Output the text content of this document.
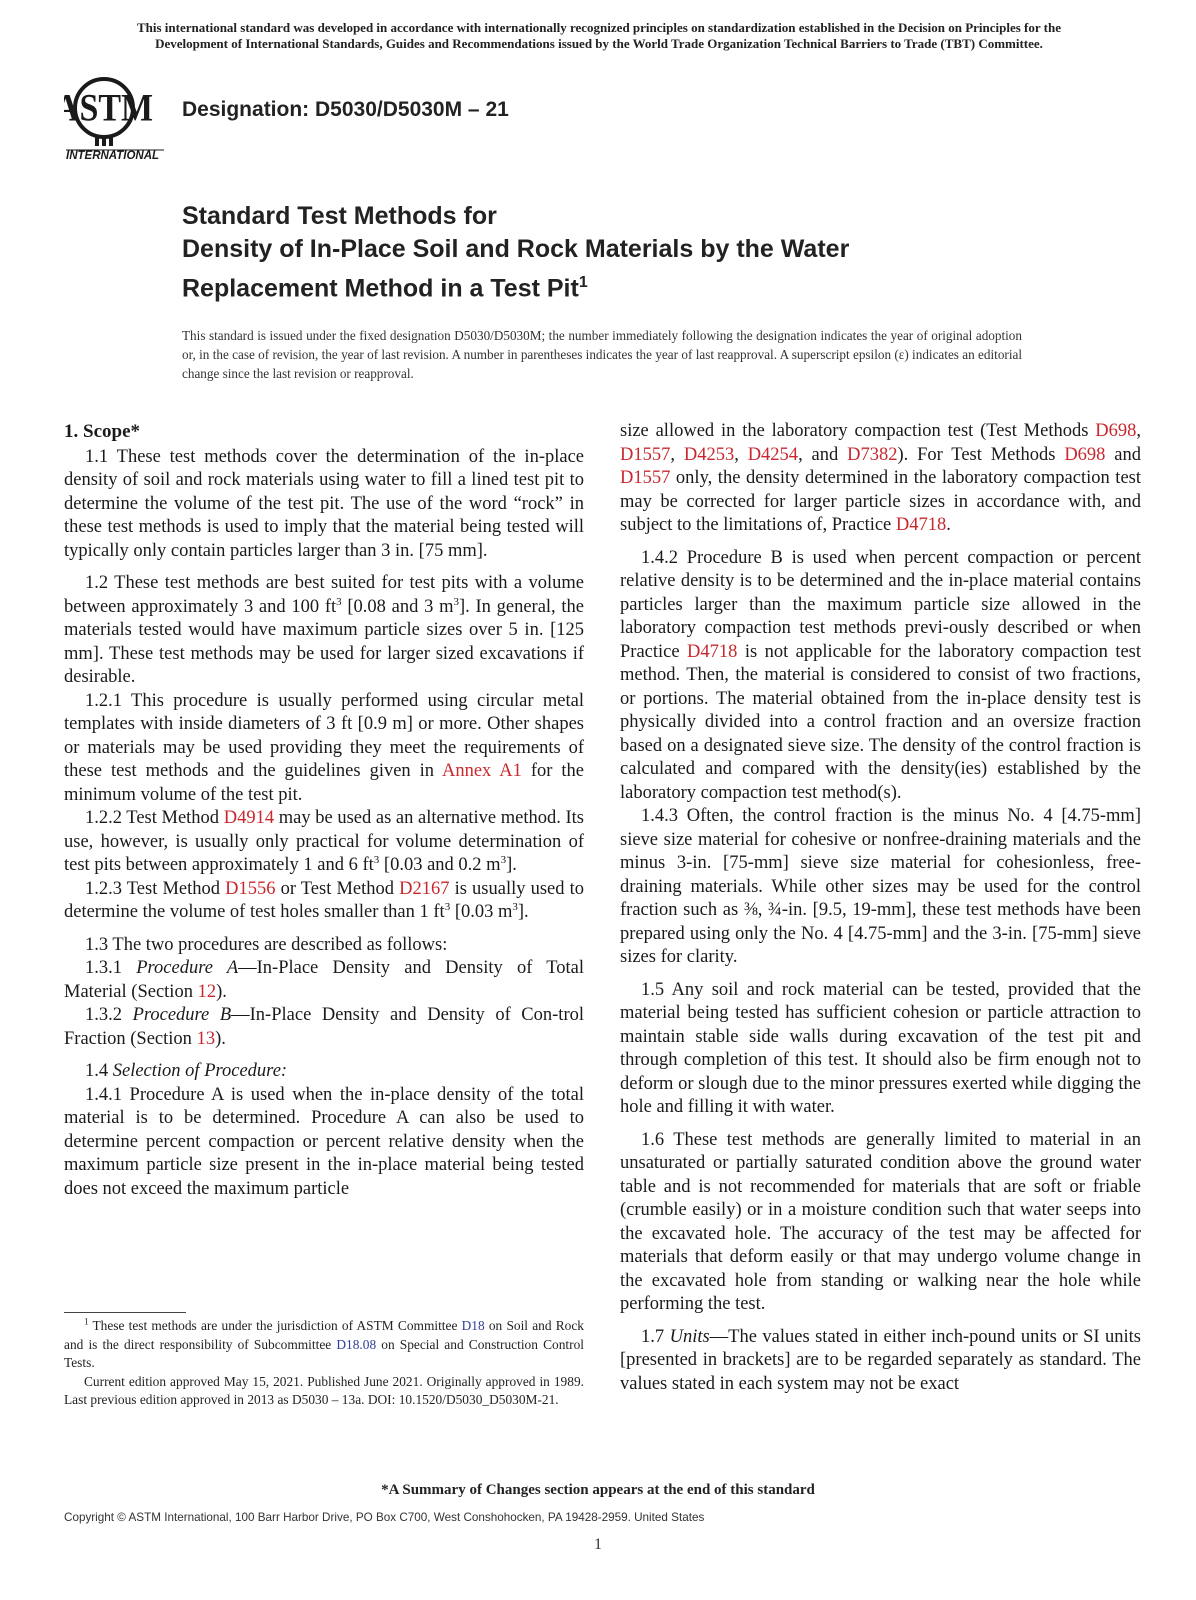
This international standard was developed in accordance with internationally recognized principles on standardization established in the Decision on Principles for the
Development of International Standards, Guides and Recommendations issued by the World Trade Organization Technical Barriers to Trade (TBT) Committee.
ASTM
INTERNATIONAL
Designation: D5030/D5030M – 21
Standard Test Methods for
Density of In-Place Soil and Rock Materials by the Water
Replacement Method in a Test Pit$^1$
This standard is issued under the fixed designation D5030/D5030M; the number immediately following the designation indicates the year of original adoption or, in the case of revision, the year of last revision. A number in parentheses indicates the year of last reapproval. A superscript epsilon (ε) indicates an editorial change since the last revision or reapproval.
1. Scope*

1.1 These test methods cover the determination of the in-place density of soil and rock materials using water to fill a lined test pit to determine the volume of the test pit. The use of the word “rock” in these test methods is used to imply that the material being tested will typically only contain particles larger than 3 in. [75 mm].

1.2 These test methods are best suited for test pits with a volume between approximately 3 and 100 $ft^3$ [0.08 and 3 $m^3$]. In general, the materials tested would have maximum particle sizes over 5 in. [125 mm]. These test methods may be used for larger sized excavations if desirable.

1.2.1 This procedure is usually performed using circular metal templates with inside diameters of 3 ft [0.9 m] or more. Other shapes or materials may be used providing they meet the requirements of these test methods and the guidelines given in Annex A1 for the minimum volume of the test pit.

1.2.2 Test Method D4914 may be used as an alternative method. Its use, however, is usually only practical for volume determination of test pits between approximately 1 and 6 $ft^3$ [0.03 and 0.2 $m^3$].

1.2.3 Test Method D1556 or Test Method D2167 is usually used to determine the volume of test holes smaller than 1 $ft^3$ [0.03 $m^3$].

1.3 The two procedures are described as follows:

1.3.1 Procedure A—In-Place Density and Density of Total Material (Section 12).

1.3.2 Procedure B—In-Place Density and Density of Con-trol Fraction (Section 13).

1.4 Selection of Procedure:

1.4.1 Procedure A is used when the in-place density of the total material is to be determined. Procedure A can also be used to determine percent compaction or percent relative density when the maximum particle size present in the in-place material being tested does not exceed the maximum particle

$^1$ These test methods are under the jurisdiction of ASTM Committee D18 on Soil and Rock and is the direct responsibility of Subcommittee D18.08 on Special and Construction Control Tests.

Current edition approved May 15, 2021. Published June 2021. Originally approved in 1989. Last previous edition approved in 2013 as D5030 – 13a. DOI: 10.1520/D5030_D5030M-21.

size allowed in the laboratory compaction test (Test Methods D698, D1557, D4253, D4254, and D7382). For Test Methods D698 and D1557 only, the density determined in the laboratory compaction test may be corrected for larger particle sizes in accordance with, and subject to the limitations of, Practice D4718.

1.4.2 Procedure B is used when percent compaction or percent relative density is to be determined and the in-place material contains particles larger than the maximum particle size allowed in the laboratory compaction test methods previ-ously described or when Practice D4718 is not applicable for the laboratory compaction test method. Then, the material is considered to consist of two fractions, or portions. The material obtained from the in-place density test is physically divided into a control fraction and an oversize fraction based on a designated sieve size. The density of the control fraction is calculated and compared with the density(ies) established by the laboratory compaction test method(s).

1.4.3 Often, the control fraction is the minus No. 4 [4.75-mm] sieve size material for cohesive or nonfree-draining materials and the minus 3-in. [75-mm] sieve size material for cohesionless, free-draining materials. While other sizes may be used for the control fraction such as ⅜, ¾-in. [9.5, 19-mm], these test methods have been prepared using only the No. 4 [4.75-mm] and the 3-in. [75-mm] sieve sizes for clarity.

1.5 Any soil and rock material can be tested, provided that the material being tested has sufficient cohesion or particle attraction to maintain stable side walls during excavation of the test pit and through completion of this test. It should also be firm enough not to deform or slough due to the minor pressures exerted while digging the hole and filling it with water.

1.6 These test methods are generally limited to material in an unsaturated or partially saturated condition above the ground water table and is not recommended for materials that are soft or friable (crumble easily) or in a moisture condition such that water seeps into the excavated hole. The accuracy of the test may be affected for materials that deform easily or that may undergo volume change in the excavated hole from standing or walking near the hole while performing the test.

1.7 Units—The values stated in either inch-pound units or SI units [presented in brackets] are to be regarded separately as standard. The values stated in each system may not be exact

*A Summary of Changes section appears at the end of this standard
Copyright © ASTM International, 100 Barr Harbor Drive, PO Box C700, West Conshohocken, PA 19428-2959. United States
1
